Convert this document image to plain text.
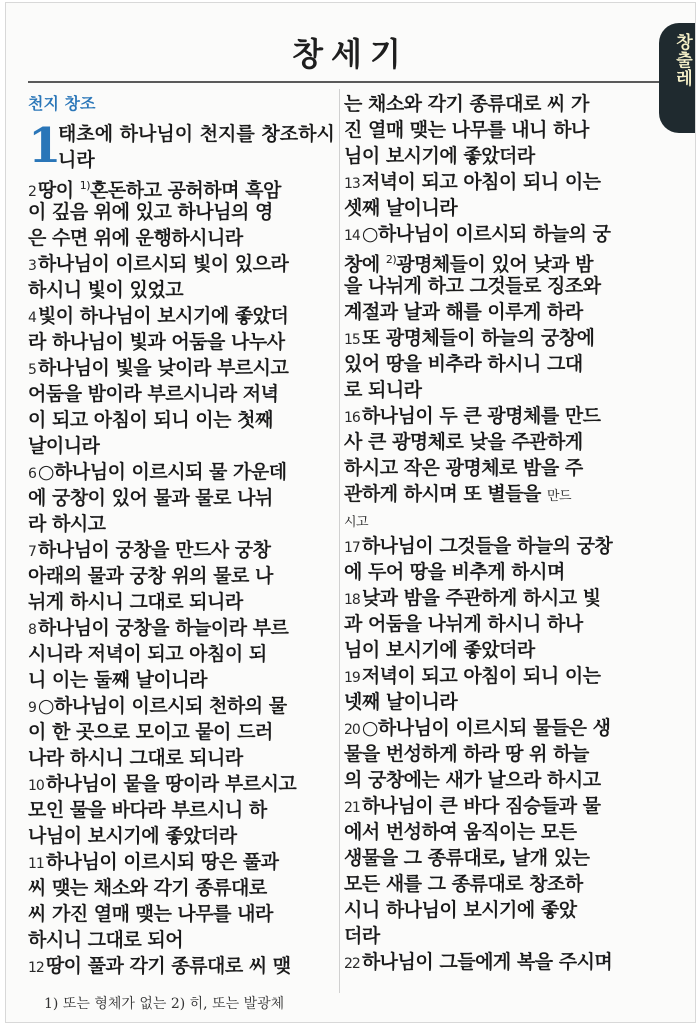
창세기	창출레
천지 창조
1
태초에 하나님이 천지를 창조하시니라
2 땅이 $^{1)}$혼돈하고 공허하며 흑암
이 깊음 위에 있고 하나님의 영
은 수면 위에 운행하시니라
3 하나님이 이르시되 빛이 있으라
하시니 빛이 있었고
4 빛이 하나님이 보시기에 좋았더
라 하나님이 빛과 어둠을 나누사
5 하나님이 빛을 낮이라 부르시고
어둠을 밤이라 부르시니라 저녁
이 되고 아침이 되니 이는 첫째
날이니라
6 ○하나님이 이르시되 물 가운데
에 궁창이 있어 물과 물로 나뉘
라 하시고
7 하나님이 궁창을 만드사 궁창
아래의 물과 궁창 위의 물로 나
뉘게 하시니 그대로 되니라
8 하나님이 궁창을 하늘이라 부르
시니라 저녁이 되고 아침이 되
니 이는 둘째 날이니라
9 ○하나님이 이르시되 천하의 물
이 한 곳으로 모이고 뭍이 드러
나라 하시니 그대로 되니라
10 하나님이 뭍을 땅이라 부르시고
모인 물을 바다라 부르시니 하
나님이 보시기에 좋았더라
11 하나님이 이르시되 땅은 풀과
씨 맺는 채소와 각기 종류대로
씨 가진 열매 맺는 나무를 내라
하시니 그대로 되어
12 땅이 풀과 각기 종류대로 씨 맺
는 채소와 각기 종류대로 씨 가
진 열매 맺는 나무를 내니 하나
님이 보시기에 좋았더라
13 저녁이 되고 아침이 되니 이는
셋째 날이니라
14 ○하나님이 이르시되 하늘의 궁
창에 $^{2)}$광명체들이 있어 낮과 밤
을 나뉘게 하고 그것들로 징조와
계절과 날과 해를 이루게 하라
15 또 광명체들이 하늘의 궁창에
있어 땅을 비추라 하시니 그대
로 되니라
16 하나님이 두 큰 광명체를 만드
사 큰 광명체로 낮을 주관하게
하시고 작은 광명체로 밤을 주
관하게 하시며 또 별들을 만드
시고
17 하나님이 그것들을 하늘의 궁창
에 두어 땅을 비추게 하시며
18 낮과 밤을 주관하게 하시고 빛
과 어둠을 나뉘게 하시니 하나
님이 보시기에 좋았더라
19 저녁이 되고 아침이 되니 이는
넷째 날이니라
20 ○하나님이 이르시되 물들은 생
물을 번성하게 하라 땅 위 하늘
의 궁창에는 새가 날으라 하시고
21 하나님이 큰 바다 짐승들과 물
에서 번성하여 움직이는 모든
생물을 그 종류대로, 날개 있는
모든 새를 그 종류대로 창조하
시니 하나님이 보시기에 좋았
더라
22 하나님이 그들에게 복을 주시며
1) 또는 형체가 없는 2) 히, 또는 발광체
